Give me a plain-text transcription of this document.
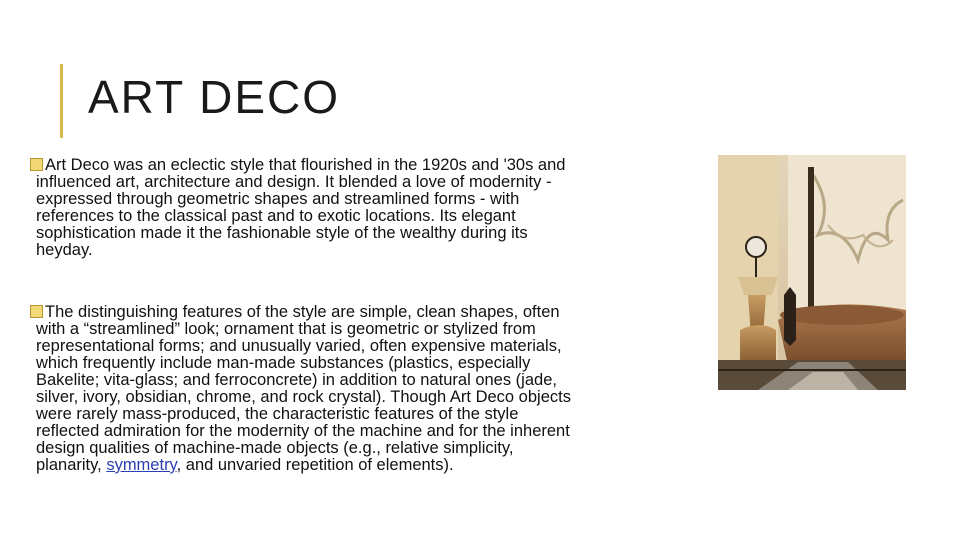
ART DECO
Art Deco was an eclectic style that flourished in the 1920s and '30s and
influenced art, architecture and design. It blended a love of modernity -
expressed through geometric shapes and streamlined forms - with
references to the classical past and to exotic locations. Its elegant
sophistication made it the fashionable style of the wealthy during its
heyday.
The distinguishing features of the style are simple, clean shapes, often
with a “streamlined” look; ornament that is geometric or stylized from
representational forms; and unusually varied, often expensive materials,
which frequently include man-made substances (plastics, especially
Bakelite; vita-glass; and ferroconcrete) in addition to natural ones (jade,
silver, ivory, obsidian, chrome, and rock crystal). Though Art Deco objects
were rarely mass-produced, the characteristic features of the style
reflected admiration for the modernity of the machine and for the inherent
design qualities of machine-made objects (e.g., relative simplicity,
planarity, symmetry, and unvaried repetition of elements).
